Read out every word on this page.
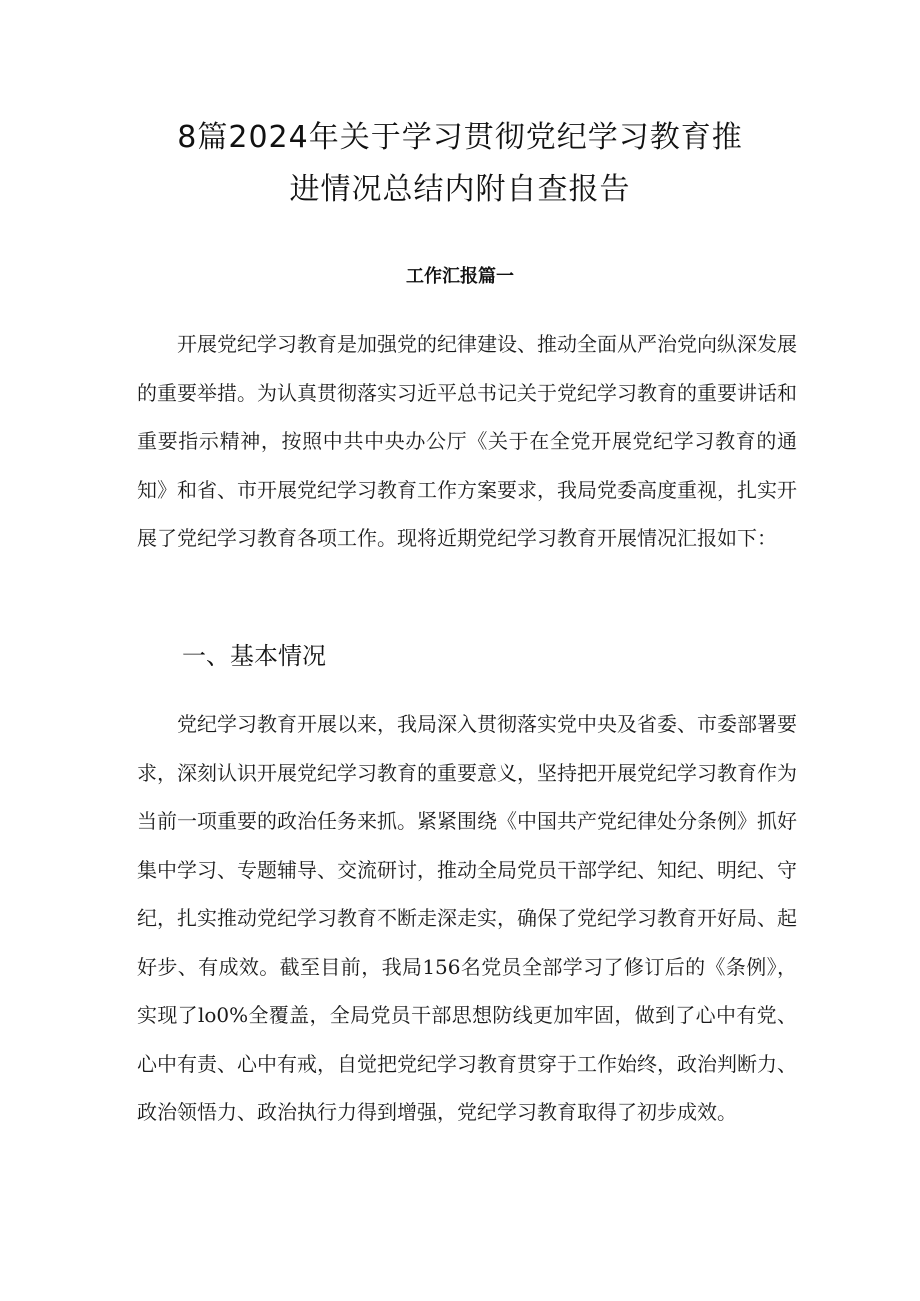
8篇2024年关于学习贯彻党纪学习教育推
进情况总结内附自查报告
工作汇报篇一

开展党纪学习教育是加强党的纪律建设、推动全面从严治党向纵深发展的重要举措。为认真贯彻落实习近平总书记关于党纪学习教育的重要讲话和重要指示精神，按照中共中央办公厅《关于在全党开展党纪学习教育的通知》和省、市开展党纪学习教育工作方案要求，我局党委高度重视，扎实开展了党纪学习教育各项工作。现将近期党纪学习教育开展情况汇报如下：

一、基本情况

党纪学习教育开展以来，我局深入贯彻落实党中央及省委、市委部署要求，深刻认识开展党纪学习教育的重要意义，坚持把开展党纪学习教育作为当前一项重要的政治任务来抓。紧紧围绕《中国共产党纪律处分条例》抓好集中学习、专题辅导、交流研讨，推动全局党员干部学纪、知纪、明纪、守纪，扎实推动党纪学习教育不断走深走实，确保了党纪学习教育开好局、起好步、有成效。截至目前，我局156名党员全部学习了修订后的《条例》，实现了lo0%全覆盖，全局党员干部思想防线更加牢固，做到了心中有党、心中有责、心中有戒，自觉把党纪学习教育贯穿于工作始终，政治判断力、政治领悟力、政治执行力得到增强，党纪学习教育取得了初步成效。
